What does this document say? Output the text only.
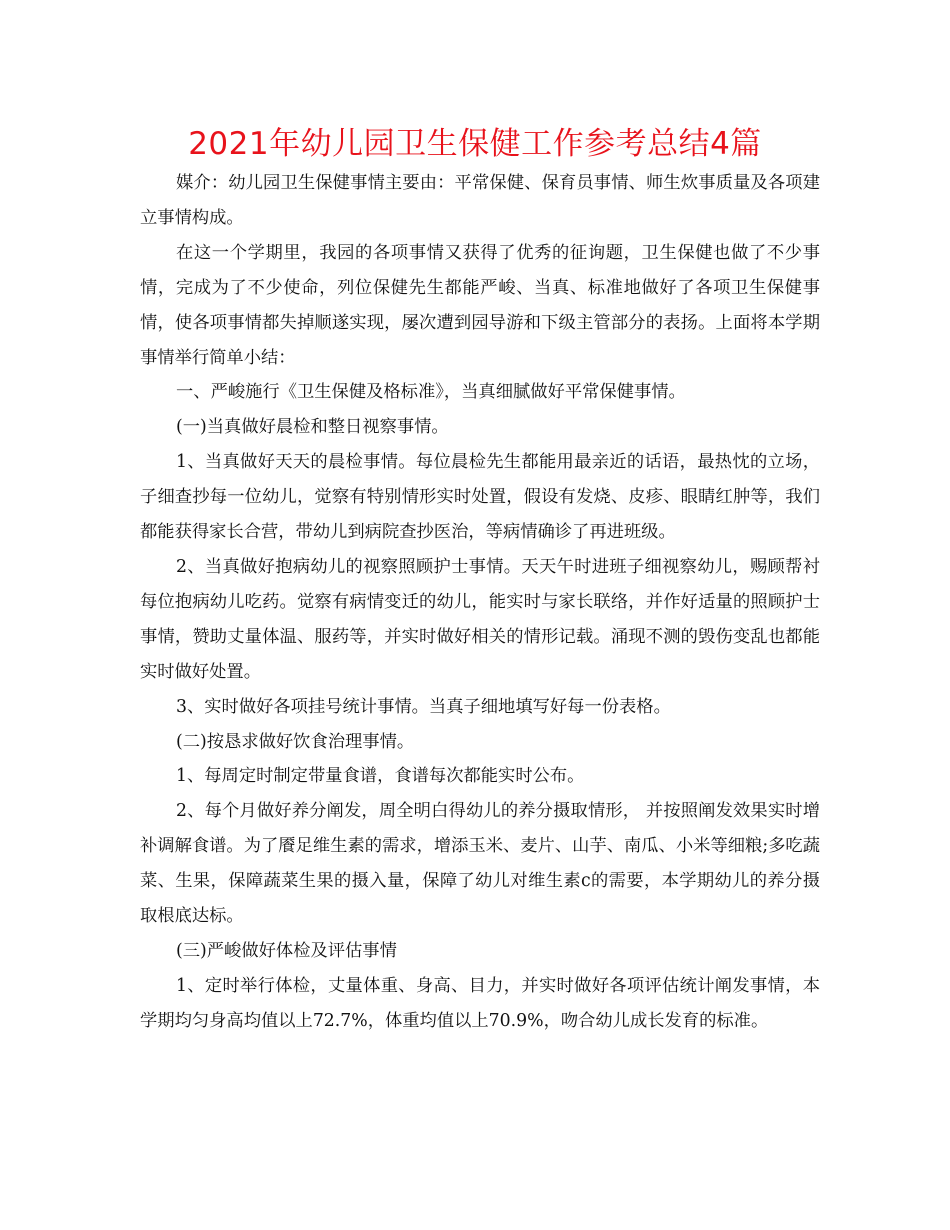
2021年幼儿园卫生保健工作参考总结4篇

媒介：幼儿园卫生保健事情主要由：平常保健、保育员事情、师生炊事质量及各项建立事情构成。

在这一个学期里，我园的各项事情又获得了优秀的征询题，卫生保健也做了不少事情，完成为了不少使命，列位保健先生都能严峻、当真、标准地做好了各项卫生保健事情，使各项事情都失掉顺遂实现，屡次遭到园导游和下级主管部分的表扬。上面将本学期事情举行简单小结：

一、严峻施行《卫生保健及格标准》，当真细腻做好平常保健事情。

(一)当真做好晨检和整日视察事情。

1、当真做好天天的晨检事情。每位晨检先生都能用最亲近的话语，最热忱的立场，子细查抄每一位幼儿，觉察有特别情形实时处置，假设有发烧、皮疹、眼睛红肿等，我们都能获得家长合营，带幼儿到病院查抄医治，等病情确诊了再进班级。

2、当真做好抱病幼儿的视察照顾护士事情。天天午时进班子细视察幼儿，赐顾帮衬每位抱病幼儿吃药。觉察有病情变迁的幼儿，能实时与家长联络，并作好适量的照顾护士事情，赞助丈量体温、服药等，并实时做好相关的情形记载。涌现不测的毁伤变乱也都能实时做好处置。

3、实时做好各项挂号统计事情。当真子细地填写好每一份表格。

(二)按恳求做好饮食治理事情。

1、每周定时制定带量食谱，食谱每次都能实时公布。

2、每个月做好养分阐发，周全明白得幼儿的养分摄取情形， 并按照阐发效果实时增补调解食谱。为了餍足维生素的需求，增添玉米、麦片、山芋、南瓜、小米等细粮;多吃蔬菜、生果，保障蔬菜生果的摄入量，保障了幼儿对维生素c的需要，本学期幼儿的养分摄取根底达标。

(三)严峻做好体检及评估事情

1、定时举行体检，丈量体重、身高、目力，并实时做好各项评估统计阐发事情，本学期均匀身高均值以上72.7%，体重均值以上70.9%，吻合幼儿成长发育的标准。
